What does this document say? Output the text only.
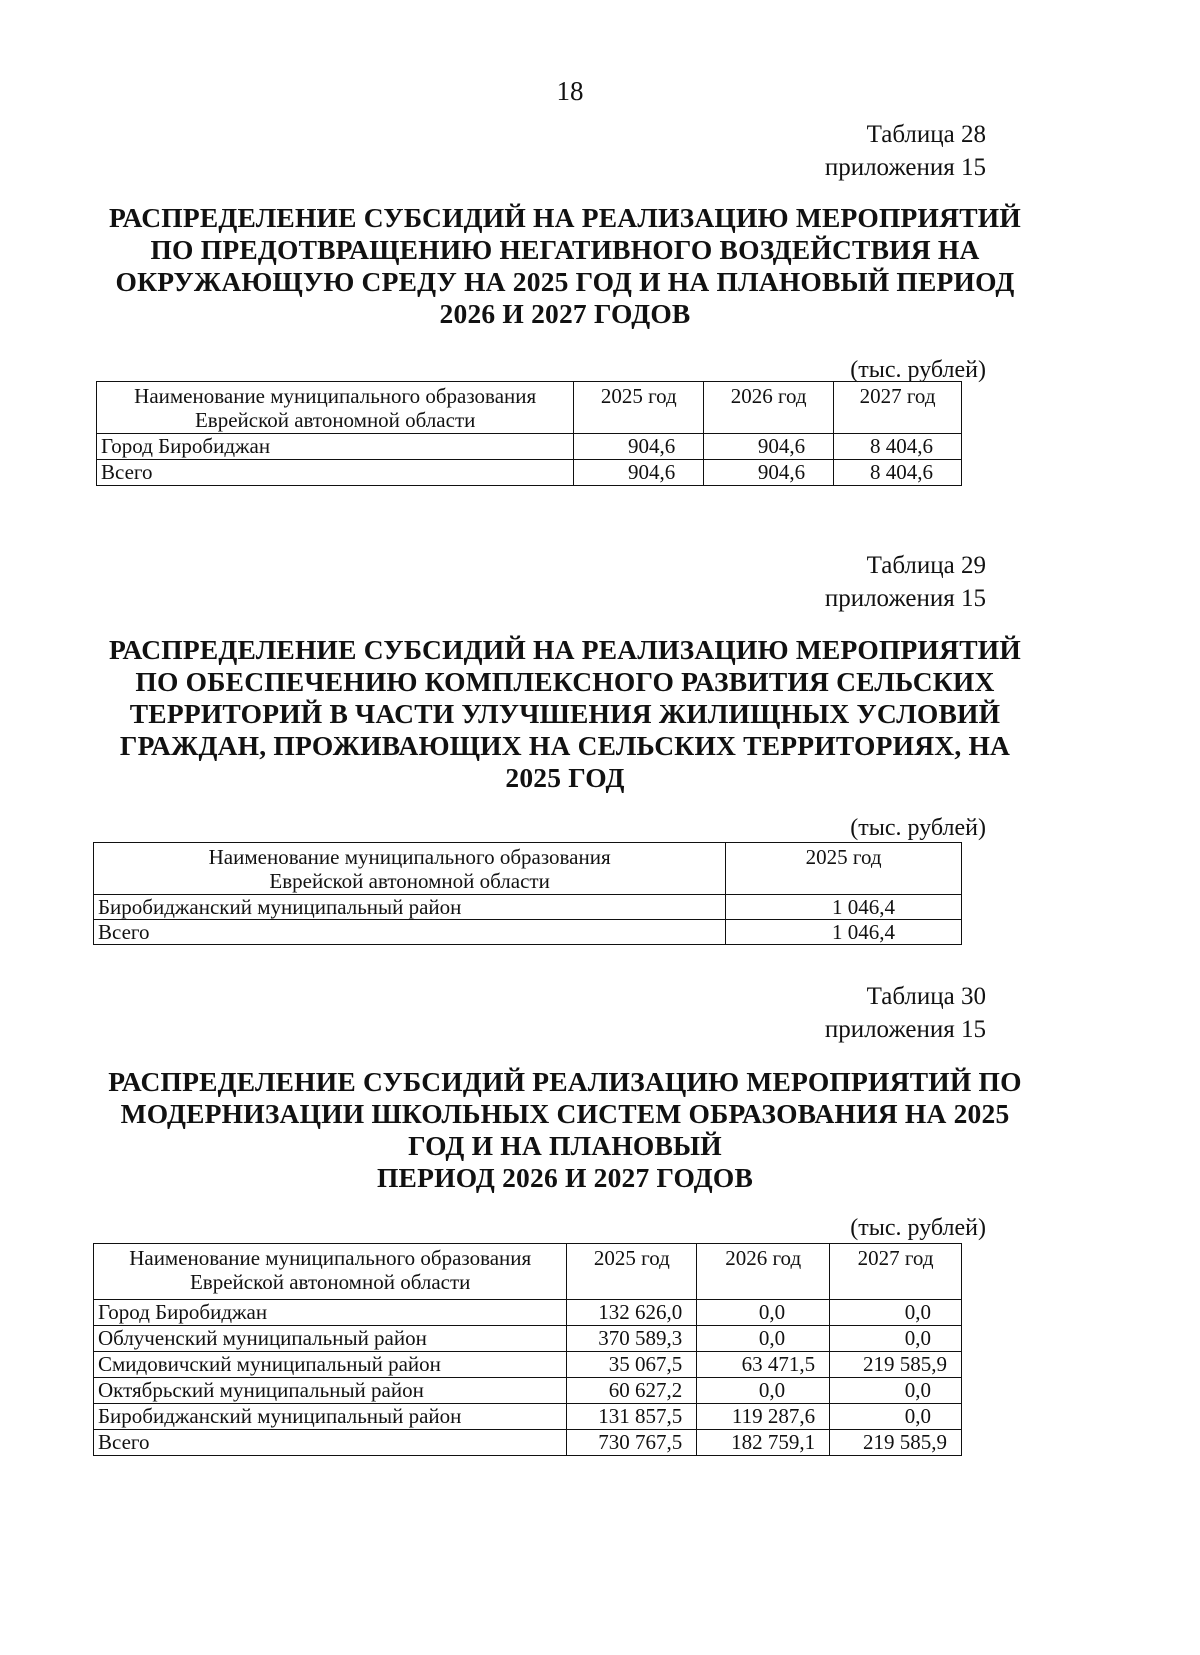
18
Таблица 28
приложения 15
РАСПРЕДЕЛЕНИЕ СУБСИДИЙ НА РЕАЛИЗАЦИЮ МЕРОПРИЯТИЙ
ПО ПРЕДОТВРАЩЕНИЮ НЕГАТИВНОГО ВОЗДЕЙСТВИЯ НА
ОКРУЖАЮЩУЮ СРЕДУ НА 2025 ГОД И НА ПЛАНОВЫЙ ПЕРИОД
2026 И 2027 ГОДОВ
(тыс. рублей)
Наименование муниципального образования Еврейской автономной области	2025 год	2026 год	2027 год
Город Биробиджан	904,6	904,6	8 404,6
Всего	904,6	904,6	8 404,6
Таблица 29
приложения 15
РАСПРЕДЕЛЕНИЕ СУБСИДИЙ НА РЕАЛИЗАЦИЮ МЕРОПРИЯТИЙ
ПО ОБЕСПЕЧЕНИЮ КОМПЛЕКСНОГО РАЗВИТИЯ СЕЛЬСКИХ
ТЕРРИТОРИЙ В ЧАСТИ УЛУЧШЕНИЯ ЖИЛИЩНЫХ УСЛОВИЙ
ГРАЖДАН, ПРОЖИВАЮЩИХ НА СЕЛЬСКИХ ТЕРРИТОРИЯХ, НА
2025 ГОД
(тыс. рублей)
Наименование муниципального образования Еврейской автономной области	2025 год
Биробиджанский муниципальный район	1 046,4
Всего	1 046,4
Таблица 30
приложения 15
РАСПРЕДЕЛЕНИЕ СУБСИДИЙ РЕАЛИЗАЦИЮ МЕРОПРИЯТИЙ ПО
МОДЕРНИЗАЦИИ ШКОЛЬНЫХ СИСТЕМ ОБРАЗОВАНИЯ НА 2025
ГОД И НА ПЛАНОВЫЙ
ПЕРИОД 2026 И 2027 ГОДОВ
(тыс. рублей)
Наименование муниципального образования Еврейской автономной области	2025 год	2026 год	2027 год
Город Биробиджан	132 626,0	0,0	0,0
Облученский муниципальный район	370 589,3	0,0	0,0
Смидовичский муниципальный район	35 067,5	63 471,5	219 585,9
Октябрьский муниципальный район	60 627,2	0,0	0,0
Биробиджанский муниципальный район	131 857,5	119 287,6	0,0
Всего	730 767,5	182 759,1	219 585,9
